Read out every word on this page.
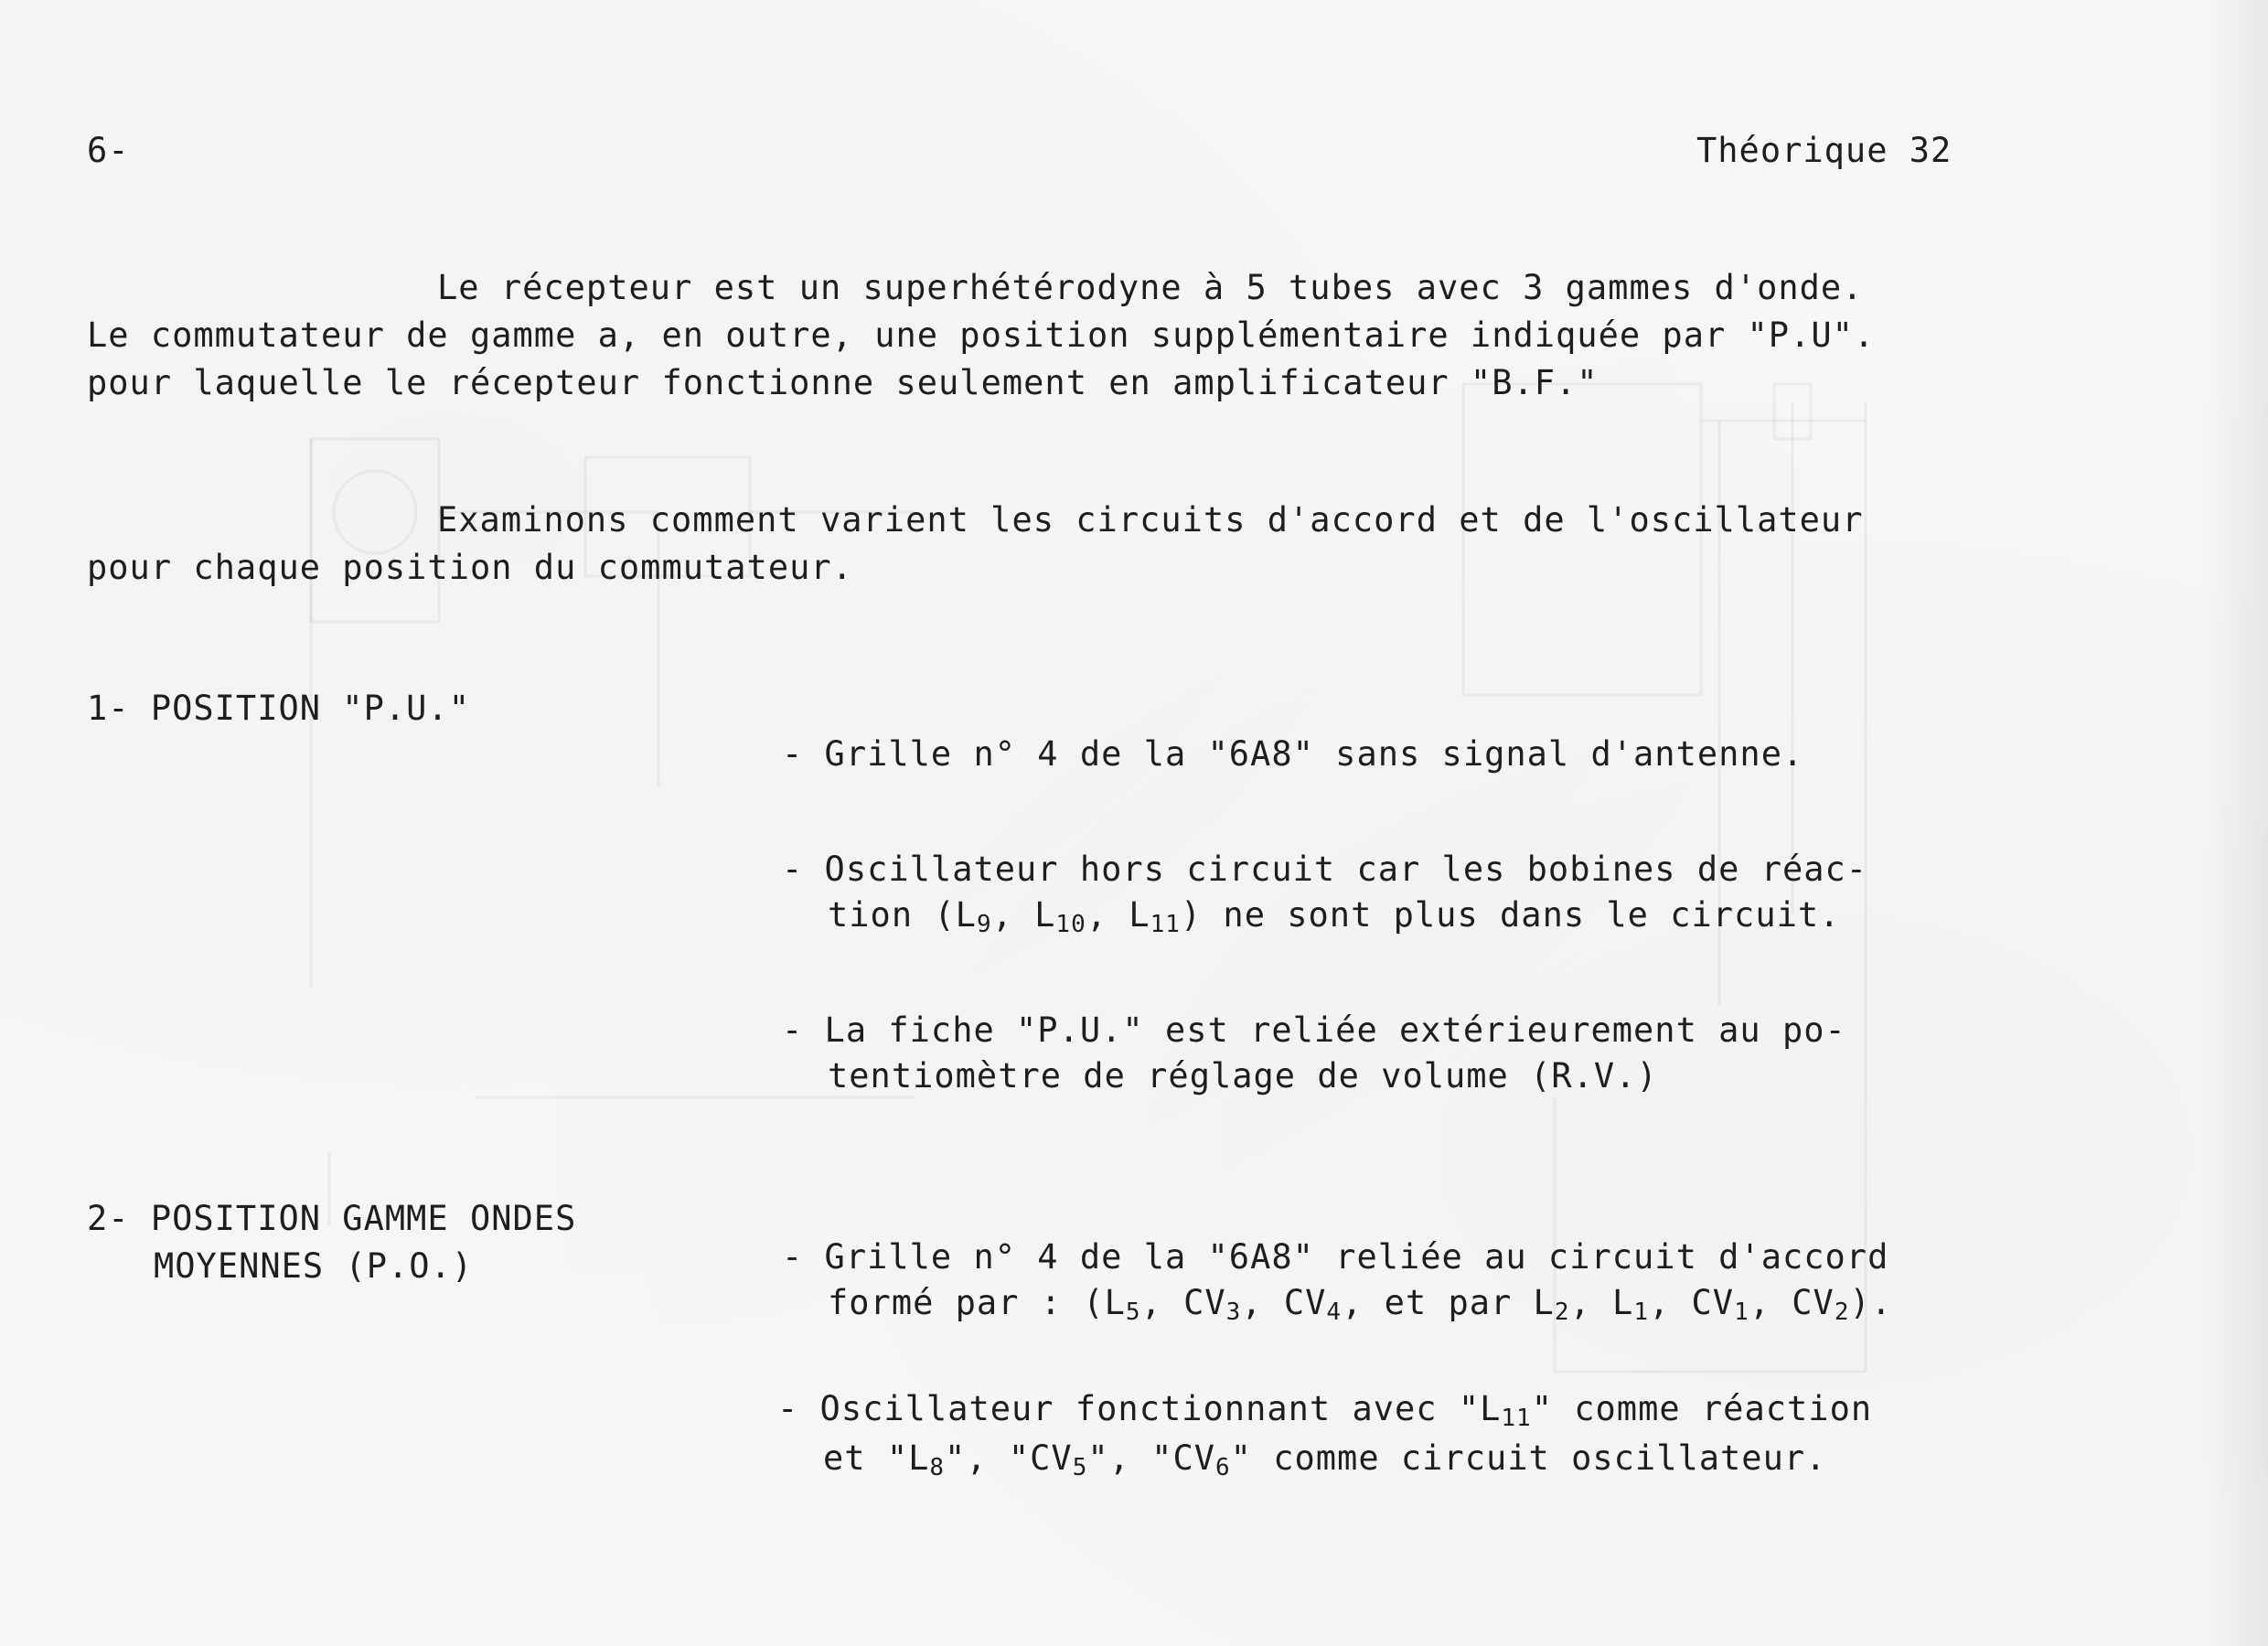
6-	Théorique 32
Le récepteur est un superhétérodyne à 5 tubes avec 3 gammes d'onde.
Le commutateur de gamme a, en outre, une position supplémentaire indiquée par "P.U".
pour laquelle le récepteur fonctionne seulement en amplificateur "B.F."
Examinons comment varient les circuits d'accord et de l'oscillateur
pour chaque position du commutateur.
1- POSITION "P.U."
- Grille n° 4 de la "6A8" sans signal d'antenne.
- Oscillateur hors circuit car les bobines de réac-
tion ($L_9$, $L_{10}$, $L_{11}$) ne sont plus dans le circuit.
- La fiche "P.U." est reliée extérieurement au po-
tentiomètre de réglage de volume (R.V.)
2- POSITION GAMME ONDES
MOYENNES (P.O.)	- Grille n° 4 de la "6A8" reliée au circuit d'accord
formé par : ($L_5$, $CV_3$, $CV_4$, et par $L_2$, $L_1$, $CV_1$, $CV_2$).
- Oscillateur fonctionnant avec "$L_{11}$" comme réaction
et "$L_8$", "$CV_5$", "$CV_6$" comme circuit oscillateur.
